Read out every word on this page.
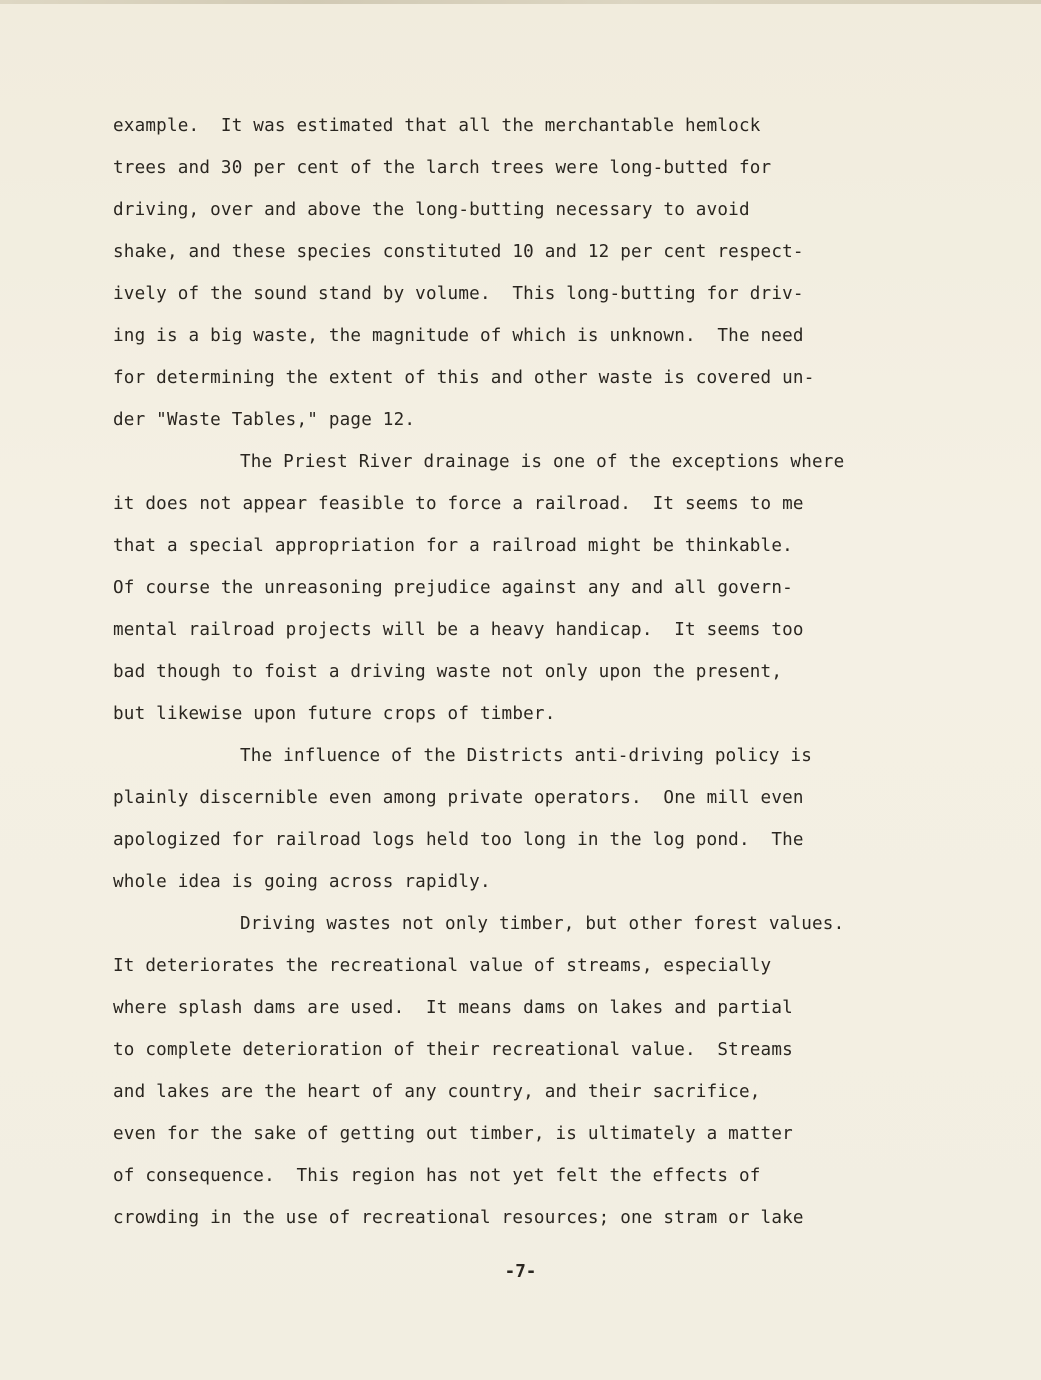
example.  It was estimated that all the merchantable hemlock
trees and 30 per cent of the larch trees were long-butted for
driving, over and above the long-butting necessary to avoid
shake, and these species constituted 10 and 12 per cent respect-
ively of the sound stand by volume.  This long-butting for driv-
ing is a big waste, the magnitude of which is unknown.  The need
for determining the extent of this and other waste is covered un-
der "Waste Tables," page 12.
The Priest River drainage is one of the exceptions where
it does not appear feasible to force a railroad.  It seems to me
that a special appropriation for a railroad might be thinkable.
Of course the unreasoning prejudice against any and all govern-
mental railroad projects will be a heavy handicap.  It seems too
bad though to foist a driving waste not only upon the present,
but likewise upon future crops of timber.
The influence of the Districts anti-driving policy is
plainly discernible even among private operators.  One mill even
apologized for railroad logs held too long in the log pond.  The
whole idea is going across rapidly.
Driving wastes not only timber, but other forest values.
It deteriorates the recreational value of streams, especially
where splash dams are used.  It means dams on lakes and partial
to complete deterioration of their recreational value.  Streams
and lakes are the heart of any country, and their sacrifice,
even for the sake of getting out timber, is ultimately a matter
of consequence.  This region has not yet felt the effects of
crowding in the use of recreational resources; one stram or lake
-7-
